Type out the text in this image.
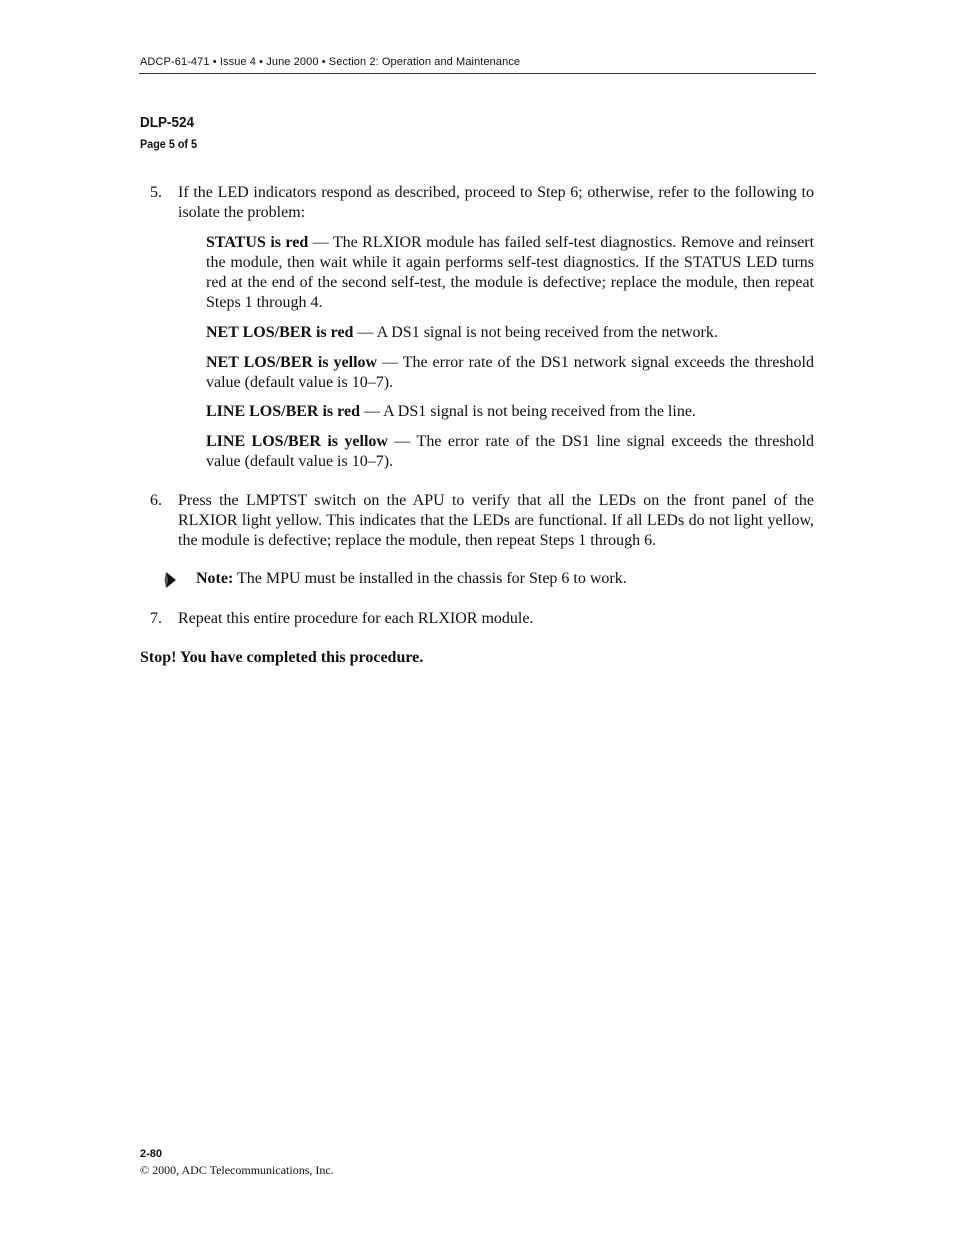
ADCP-61-471 • Issue 4 • June 2000 • Section 2: Operation and Maintenance
DLP-524
Page 5 of 5
5. If the LED indicators respond as described, proceed to Step 6; otherwise, refer to the following to isolate the problem:
STATUS is red — The RLXIOR module has failed self-test diagnostics. Remove and reinsert the module, then wait while it again performs self-test diagnostics. If the STATUS LED turns red at the end of the second self-test, the module is defective; replace the module, then repeat Steps 1 through 4.
NET LOS/BER is red — A DS1 signal is not being received from the network.
NET LOS/BER is yellow — The error rate of the DS1 network signal exceeds the threshold value (default value is 10–7).
LINE LOS/BER is red — A DS1 signal is not being received from the line.
LINE LOS/BER is yellow — The error rate of the DS1 line signal exceeds the threshold value (default value is 10–7).
6. Press the LMPTST switch on the APU to verify that all the LEDs on the front panel of the RLXIOR light yellow. This indicates that the LEDs are functional. If all LEDs do not light yellow, the module is defective; replace the module, then repeat Steps 1 through 6.
Note: The MPU must be installed in the chassis for Step 6 to work.
7. Repeat this entire procedure for each RLXIOR module.
Stop! You have completed this procedure.
2-80
© 2000, ADC Telecommunications, Inc.
